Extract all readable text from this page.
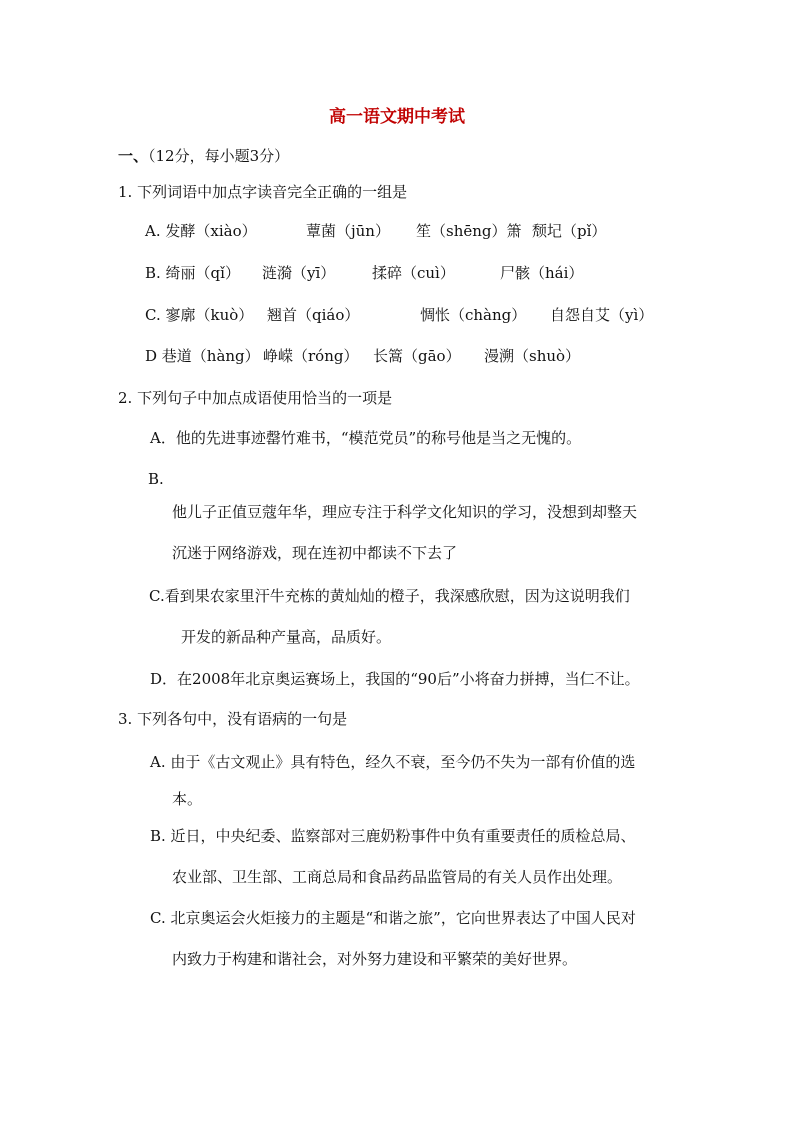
高一语文期中考试
一、（12分，每小题3分）
1. 下列词语中加点字读音完全正确的一组是
A. 发酵（xiào）	蕈菌（jūn） 笙（shēng）箫 颓圮（pǐ）
B. 绮丽（qǐ） 涟漪（yī） 揉碎（cuì）	尸骸（hái）
C. 寥廓（kuò） 翘首（qiáo）	惆怅（chàng） 自怨自艾（yì）
D 巷道（hàng） 峥嵘（róng） 长篙（gāo） 漫溯（shuò）
2. 下列句子中加点成语使用恰当的一项是
A．他的先进事迹罄竹难书，“模范党员”的称号他是当之无愧的。
B.
他儿子正值豆蔻年华，理应专注于科学文化知识的学习，没想到却整天
沉迷于网络游戏，现在连初中都读不下去了
C.看到果农家里汗牛充栋的黄灿灿的橙子，我深感欣慰，因为这说明我们
开发的新品种产量高，品质好。
D．在2008年北京奥运赛场上，我国的“90后”小将奋力拼搏，当仁不让。
3. 下列各句中，没有语病的一句是
A. 由于《古文观止》具有特色，经久不衰，至今仍不失为一部有价值的选
本。
B. 近日，中央纪委、监察部对三鹿奶粉事件中负有重要责任的质检总局、
农业部、卫生部、工商总局和食品药品监管局的有关人员作出处理。
C. 北京奥运会火炬接力的主题是“和谐之旅”，它向世界表达了中国人民对
内致力于构建和谐社会，对外努力建设和平繁荣的美好世界。
